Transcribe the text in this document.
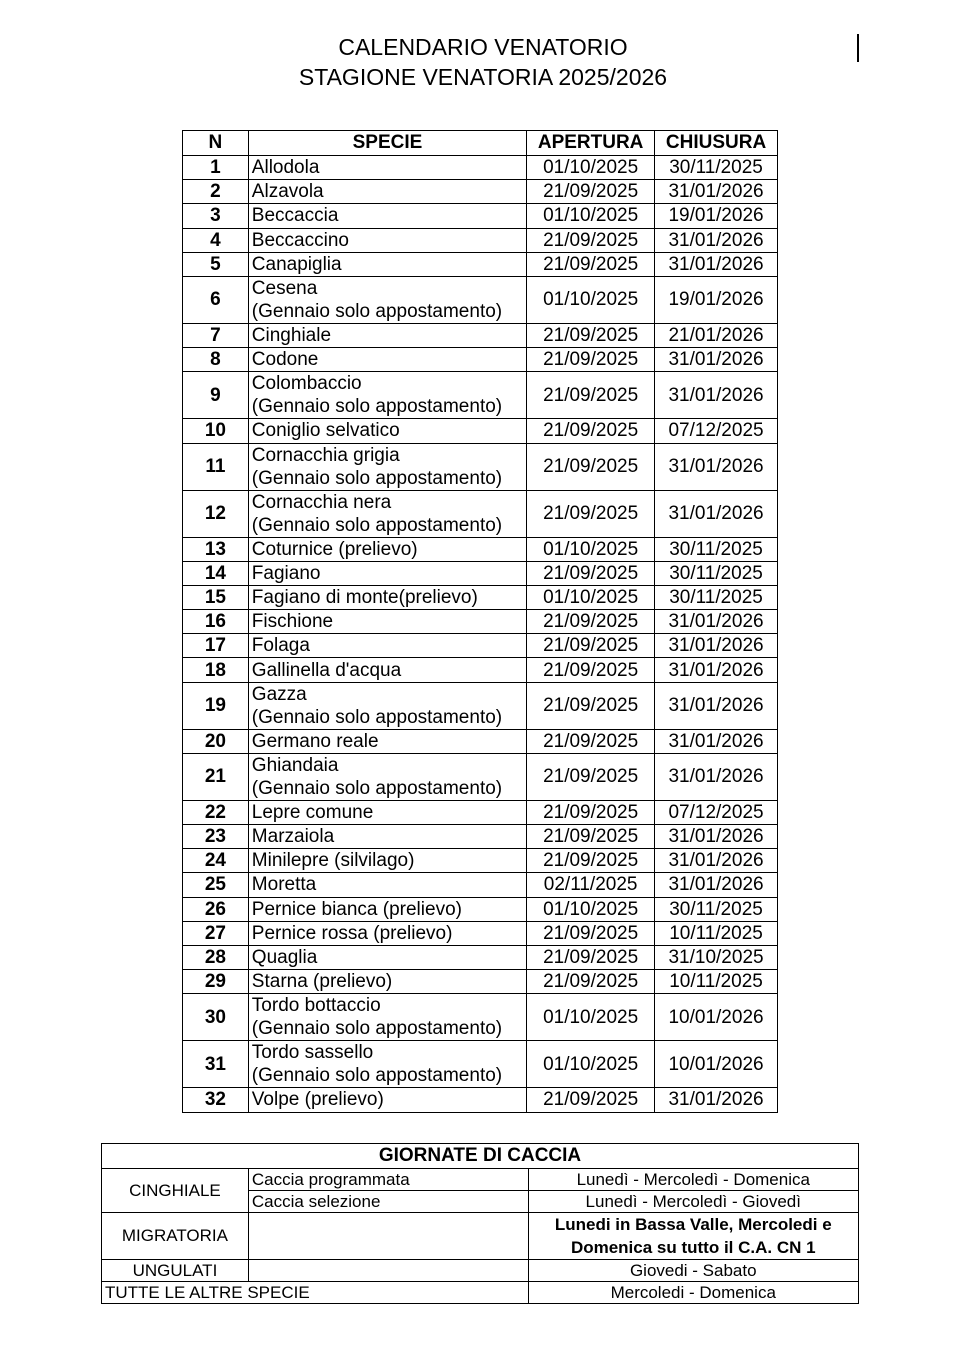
CALENDARIO VENATORIO
STAGIONE VENATORIA 2025/2026
N	SPECIE	APERTURA	CHIUSURA
1	Allodola	01/10/2025	30/11/2025
2	Alzavola	21/09/2025	31/01/2026
3	Beccaccia	01/10/2025	19/01/2026
4	Beccaccino	21/09/2025	31/01/2026
5	Canapiglia	21/09/2025	31/01/2026
6	Cesena
(Gennaio solo appostamento)	01/10/2025	19/01/2026
7	Cinghiale	21/09/2025	21/01/2026
8	Codone	21/09/2025	31/01/2026
9	Colombaccio
(Gennaio solo appostamento)	21/09/2025	31/01/2026
10	Coniglio selvatico	21/09/2025	07/12/2025
11	Cornacchia grigia
(Gennaio solo appostamento)	21/09/2025	31/01/2026
12	Cornacchia nera
(Gennaio solo appostamento)	21/09/2025	31/01/2026
13	Coturnice (prelievo)	01/10/2025	30/11/2025
14	Fagiano	21/09/2025	30/11/2025
15	Fagiano di monte(prelievo)	01/10/2025	30/11/2025
16	Fischione	21/09/2025	31/01/2026
17	Folaga	21/09/2025	31/01/2026
18	Gallinella d'acqua	21/09/2025	31/01/2026
19	Gazza
(Gennaio solo appostamento)	21/09/2025	31/01/2026
20	Germano reale	21/09/2025	31/01/2026
21	Ghiandaia
(Gennaio solo appostamento)	21/09/2025	31/01/2026
22	Lepre comune	21/09/2025	07/12/2025
23	Marzaiola	21/09/2025	31/01/2026
24	Minilepre (silvilago)	21/09/2025	31/01/2026
25	Moretta	02/11/2025	31/01/2026
26	Pernice bianca (prelievo)	01/10/2025	30/11/2025
27	Pernice rossa (prelievo)	21/09/2025	10/11/2025
28	Quaglia	21/09/2025	31/10/2025
29	Starna (prelievo)	21/09/2025	10/11/2025
30	Tordo bottaccio
(Gennaio solo appostamento)	01/10/2025	10/01/2026
31	Tordo sassello
(Gennaio solo appostamento)	01/10/2025	10/01/2026
32	Volpe (prelievo)	21/09/2025	31/01/2026
GIORNATE DI CACCIA		
CINGHIALE	Caccia programmata	Lunedì - Mercoledì - Domenica
	Caccia selezione	Lunedì - Mercoledì - Giovedì
MIGRATORIA		Lunedi in Bassa Valle, Mercoledi e
Domenica su tutto il C.A. CN 1

UNGULATI		Giovedi - Sabato
TUTTE LE ALTRE SPECIE		Mercoledi - Domenica
